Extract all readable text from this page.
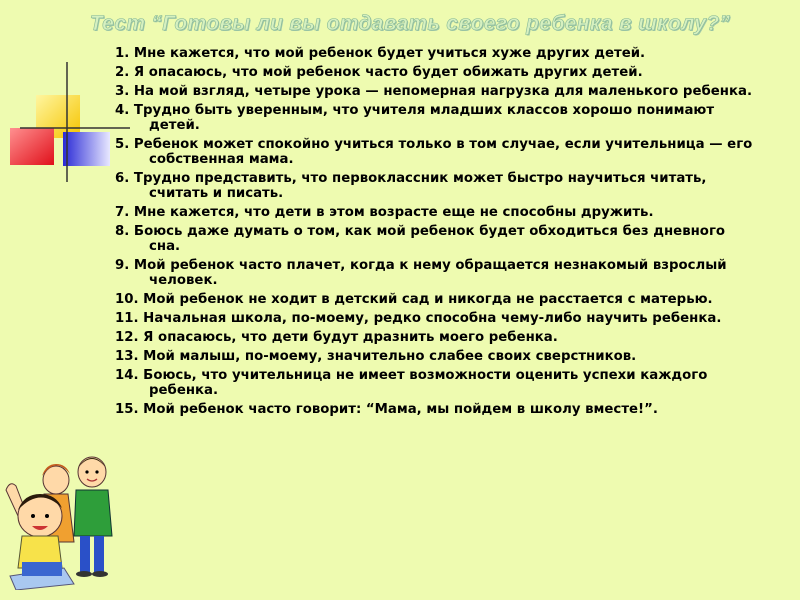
Тест “Готовы ли вы отдавать своего ребенка в школу?”
1. Мне кажется, что мой ребенок будет учиться хуже других детей.
2. Я опасаюсь, что мой ребенок часто будет обижать других детей.
3. На мой взгляд, четыре урока — непомерная нагрузка для маленького ребенка.
4. Трудно быть уверенным, что учителя младших классов хорошо понимают детей.
5. Ребенок может спокойно учиться только в том случае, если учительница — его собственная мама.
6. Трудно представить, что первоклассник может быстро научиться читать, считать и писать.
7. Мне кажется, что дети в этом возрасте еще не способны дружить.
8. Боюсь даже думать о том, как мой ребенок будет обходиться без дневного сна.
9. Мой ребенок часто плачет, когда к нему обращается незнакомый взрослый человек.
10. Мой ребенок не ходит в детский сад и никогда не расстается с матерью.
11. Начальная школа, по-моему, редко способна чему-либо научить ребенка.
12. Я опасаюсь, что дети будут дразнить моего ребенка.
13. Мой малыш, по-моему, значительно слабее своих сверстников.
14. Боюсь, что учительница не имеет возможности оценить успехи каждого ребенка.
15. Мой ребенок часто говорит: “Мама, мы пойдем в школу вместе!”.
